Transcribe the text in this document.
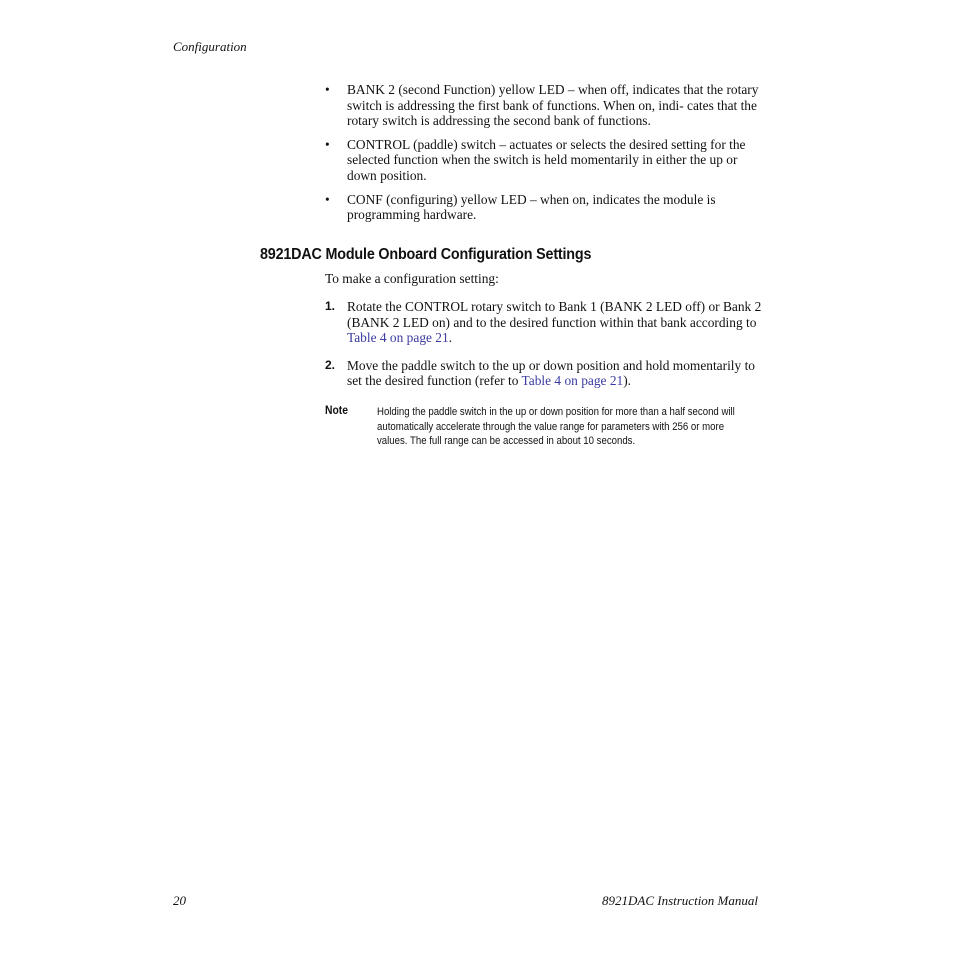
Configuration
• BANK 2 (second Function) yellow LED – when off, indicates that the rotary switch is addressing the first bank of functions. When on, indi- cates that the rotary switch is addressing the second bank of functions.
• CONTROL (paddle) switch – actuates or selects the desired setting for the selected function when the switch is held momentarily in either the up or down position.
• CONF (configuring) yellow LED – when on, indicates the module is programming hardware.
8921DAC Module Onboard Configuration Settings
To make a configuration setting:
1. Rotate the CONTROL rotary switch to Bank 1 (BANK 2 LED off) or Bank 2 (BANK 2 LED on) and to the desired function within that bank according to Table 4 on page 21.
2. Move the paddle switch to the up or down position and hold momentarily to set the desired function (refer to Table 4 on page 21).
Note	Holding the paddle switch in the up or down position for more than a half second will automatically accelerate through the value range for parameters with 256 or more values. The full range can be accessed in about 10 seconds.
20	8921DAC Instruction Manual
